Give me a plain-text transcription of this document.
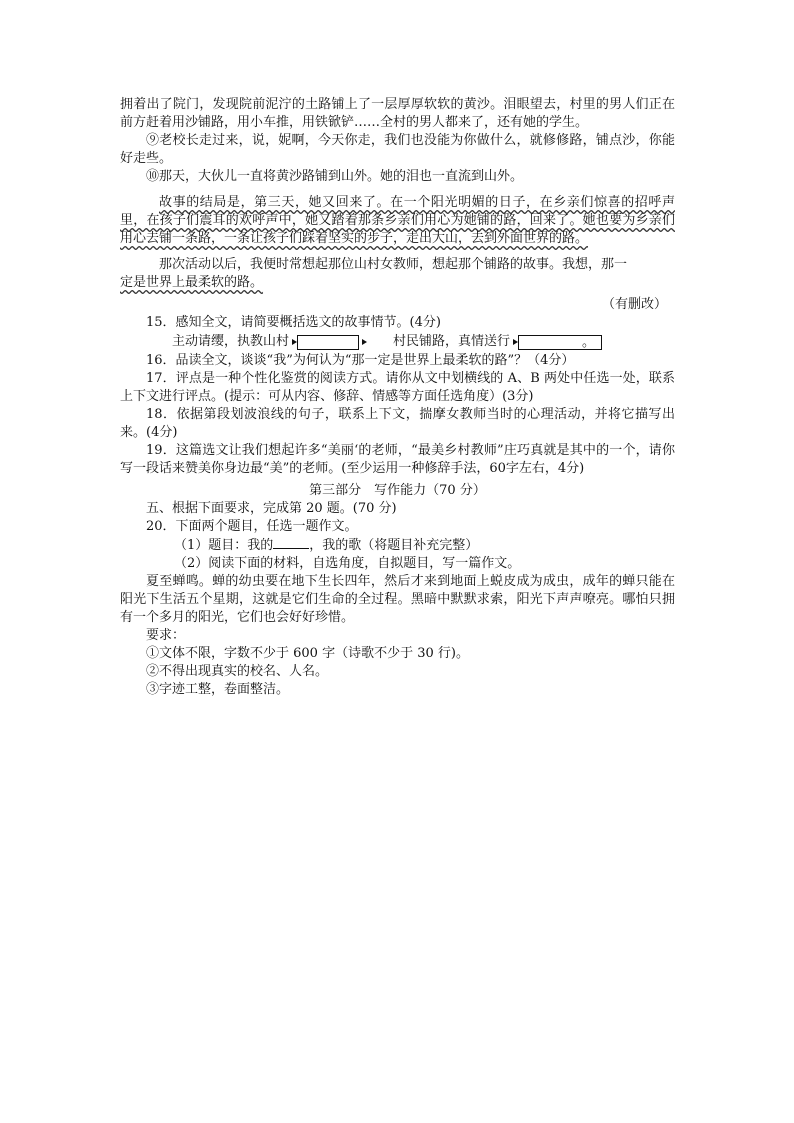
拥着出了院门，发现院前泥泞的土路铺上了一层厚厚软软的黄沙。泪眼望去，村里的男人们正在前方赶着用沙铺路，用小车推，用铁锨铲……全村的男人都来了，还有她的学生。

⑨老校长走过来，说，妮啊，今天你走，我们也没能为你做什么，就修修路，铺点沙，你能好走些。

⑩那天，大伙儿一直将黄沙路铺到山外。她的泪也一直流到山外。

故事的结局是，第三天，她又回来了。在一个阳光明媚的日子，在乡亲们惊喜的招呼声里，在孩子们震耳的欢呼声中，她又踏着那条乡亲们用心为她铺的路，回来了。她也要为乡亲们用心去铺一条路，一条让孩子们踩着坚实的步子，走出大山，去到外面世界的路。

那次活动以后，我便时常想起那位山村女教师，想起那个铺路的故事。我想，那一

定是世界上最柔软的路。

（有删改）

15．感知全文，请简要概括选文的故事情节。(4分)

主动请缨，执教山村	村民铺路，真情送行	。

16．品读全文，谈谈“我”为何认为“那一定是世界上最柔软的路”？（4分）

17．评点是一种个性化鉴赏的阅读方式。请你从文中划横线的 A、B 两处中任选一处，联系上下文进行评点。(提示：可从内容、修辞、情感等方面任选角度）(3分)

18．依据第段划波浪线的句子，联系上下文，揣摩女教师当时的心理活动，并将它描写出来。(4分)

19．这篇选文让我们想起许多“美丽‘的老师，“最美乡村教师”庄巧真就是其中的一个，请你写一段话来赞美你身边最“美”的老师。(至少运用一种修辞手法，60字左右，4分)

第三部分　写作能力（70 分）

五、根据下面要求，完成第 20 题。(70 分)

20．下面两个题目，任选一题作文。

（1）题目：我的	，我的歌（将题目补充完整）

（2）阅读下面的材料，自选角度，自拟题目，写一篇作文。

夏至蝉鸣。蝉的幼虫要在地下生长四年，然后才来到地面上蜕皮成为成虫，成年的蝉只能在阳光下生活五个星期，这就是它们生命的全过程。黑暗中默默求索，阳光下声声嘹亮。哪怕只拥有一个多月的阳光，它们也会好好珍惜。

要求：

①文体不限，字数不少于 600 字（诗歌不少于 30 行)。

②不得出现真实的校名、人名。

③字迹工整，卷面整洁。
